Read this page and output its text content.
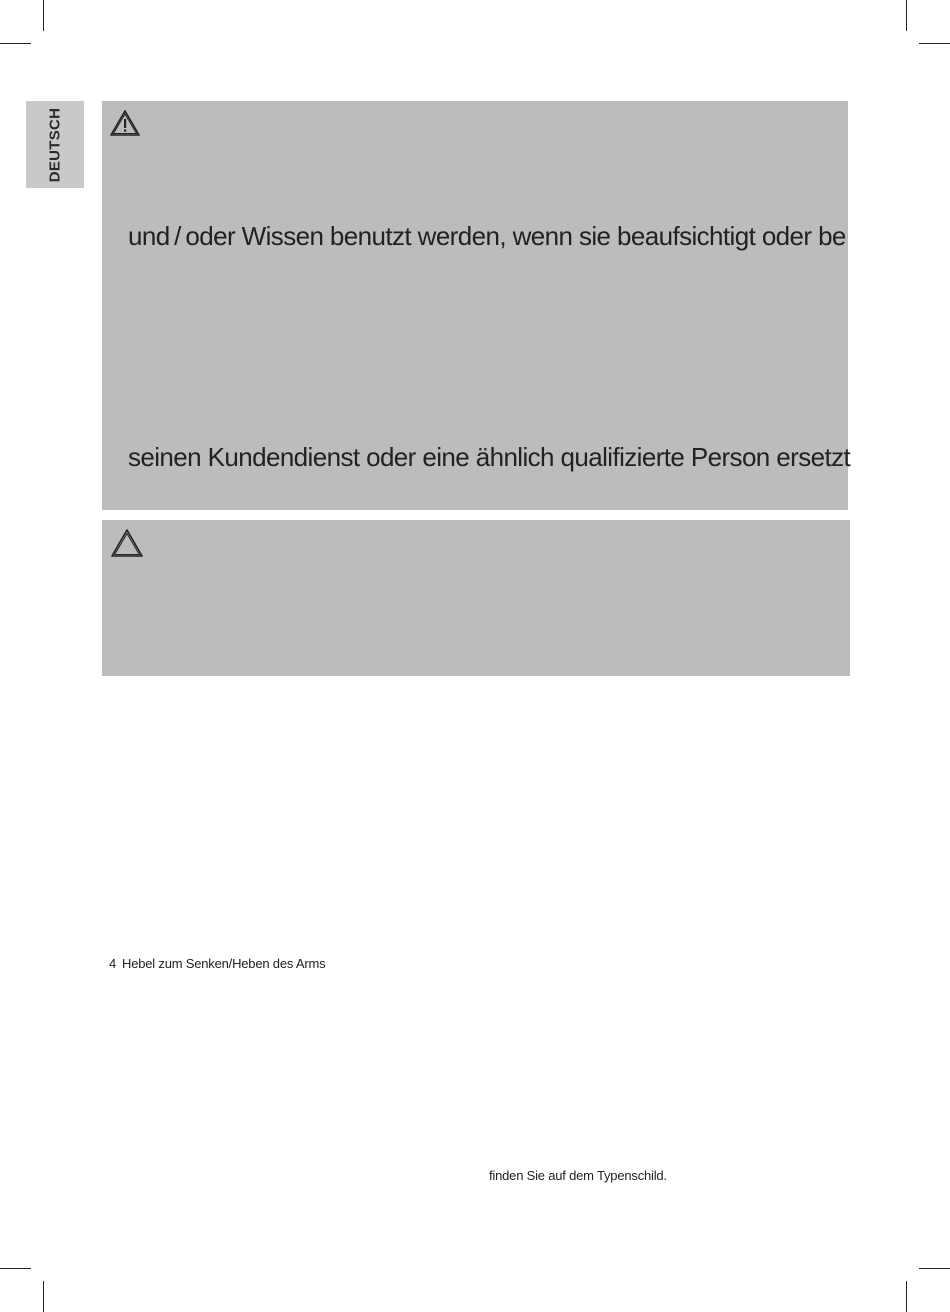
DEUTSCH
und / oder Wissen benutzt werden, wenn sie beaufsichtigt oder be
seinen Kundendienst oder eine ähnlich qualifizierte Person ersetzt
4 Hebel zum Senken/Heben des Arms
finden Sie auf dem Typenschild.
